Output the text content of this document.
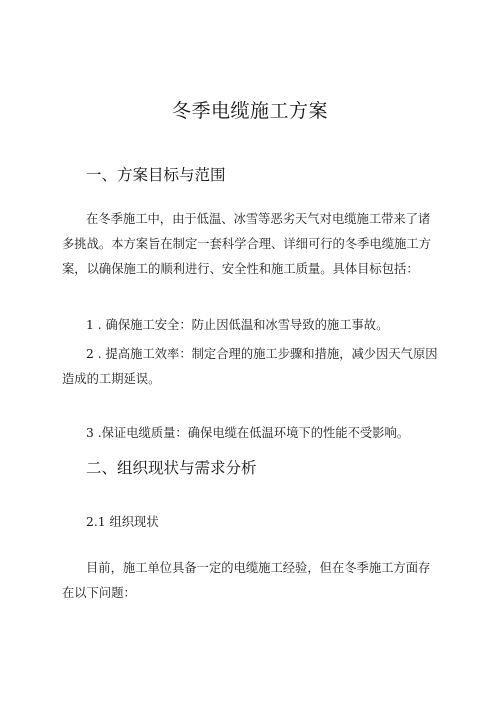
冬季电缆施工方案
一、方案目标与范围
在冬季施工中，由于低温、冰雪等恶劣天气对电缆施工带来了诸
多挑战。本方案旨在制定一套科学合理、详细可行的冬季电缆施工方
案，以确保施工的顺利进行、安全性和施工质量。具体目标包括：
1 . 确保施工安全：防止因低温和冰雪导致的施工事故。
2 . 提高施工效率：制定合理的施工步骤和措施，减少因天气原因
造成的工期延误。
3 .保证电缆质量：确保电缆在低温环境下的性能不受影响。
二、组织现状与需求分析
2.1 组织现状
目前，施工单位具备一定的电缆施工经验，但在冬季施工方面存
在以下问题：
